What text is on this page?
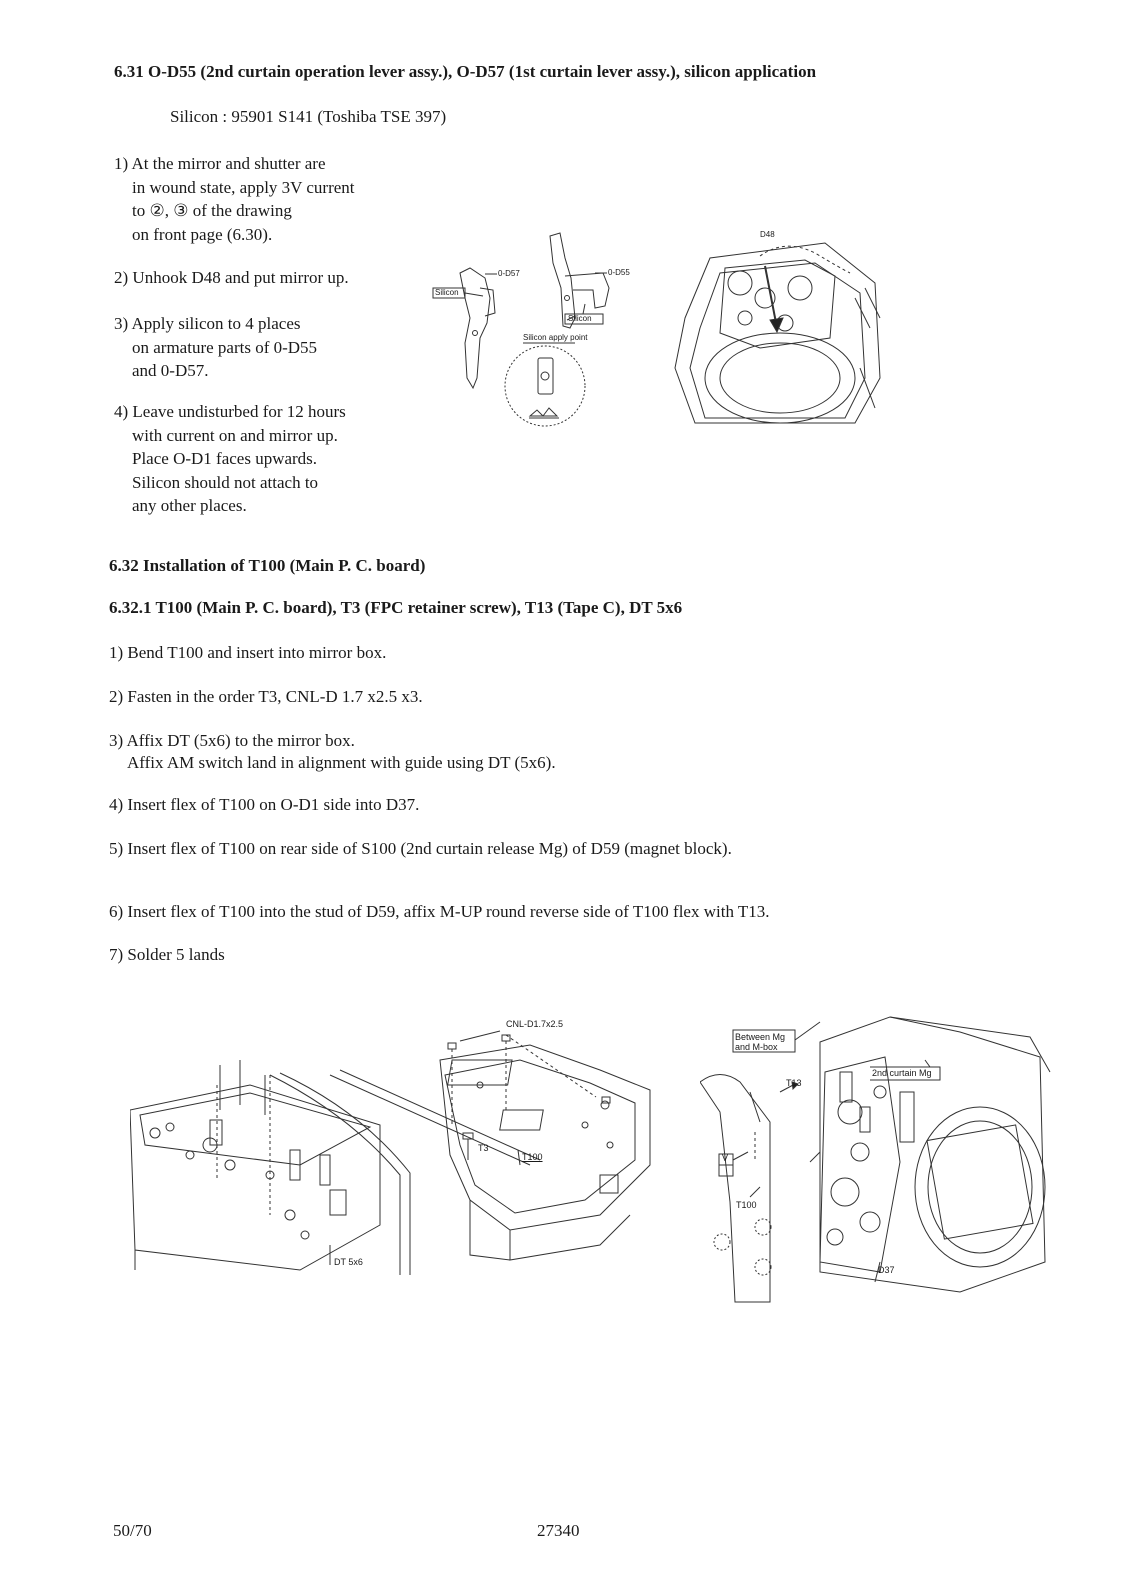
6.31 O-D55 (2nd curtain operation lever assy.), O-D57 (1st curtain lever assy.), silicon application
Silicon : 95901 S141 (Toshiba TSE 397)
1) At the mirror and shutter are
in wound state, apply 3V current
to ②, ③ of the drawing
on front page (6.30).
2) Unhook D48 and put mirror up.
3) Apply silicon to 4 places
on armature parts of 0-D55
and 0-D57.
4) Leave undisturbed for 12 hours
with current on and mirror up.
Place O-D1 faces upwards.
Silicon should not attach to
any other places.
0-D57	0-D55
Silicon
Silicon
Silicon apply point
D48
6.32 Installation of T100 (Main P. C. board)
6.32.1 T100 (Main P. C. board), T3 (FPC retainer screw), T13 (Tape C), DT 5x6
1) Bend T100 and insert into mirror box.
2) Fasten in the order T3, CNL-D 1.7 x2.5 x3.
3) Affix DT (5x6) to the mirror box.
Affix AM switch land in alignment with guide using DT (5x6).
4) Insert flex of T100 on O-D1 side into D37.
5) Insert flex of T100 on rear side of S100 (2nd curtain release Mg) of D59 (magnet block).
6) Insert flex of T100 into the stud of D59, affix M-UP round reverse side of T100 flex with T13.
7) Solder 5 lands
CNL-D1.7x2.5
T3
T100
DT 5x6
Between Mg
and M-box
T13
2nd curtain Mg
T100
D37
V
50/70	27340
